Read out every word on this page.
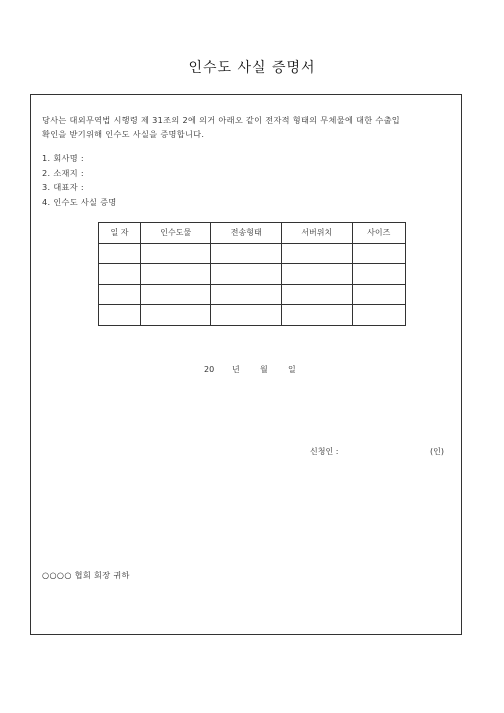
인수도 사실 증명서
당사는 대외무역법 시행령 제 31조의 2에 의거 아래오 같이 전자적 형태의 무체물에 대한 수출입
확인을 받기위해 인수도 사실을 증명합니다.
1. 회사명 :
2. 소재지 :
3. 대표자 :
4. 인수도 사실 증명
일 자	인수도물	전송형태	서버위치	사이즈

20 년	월	일
신청인 :	(인)
○○○○ 협회 회장 귀하
